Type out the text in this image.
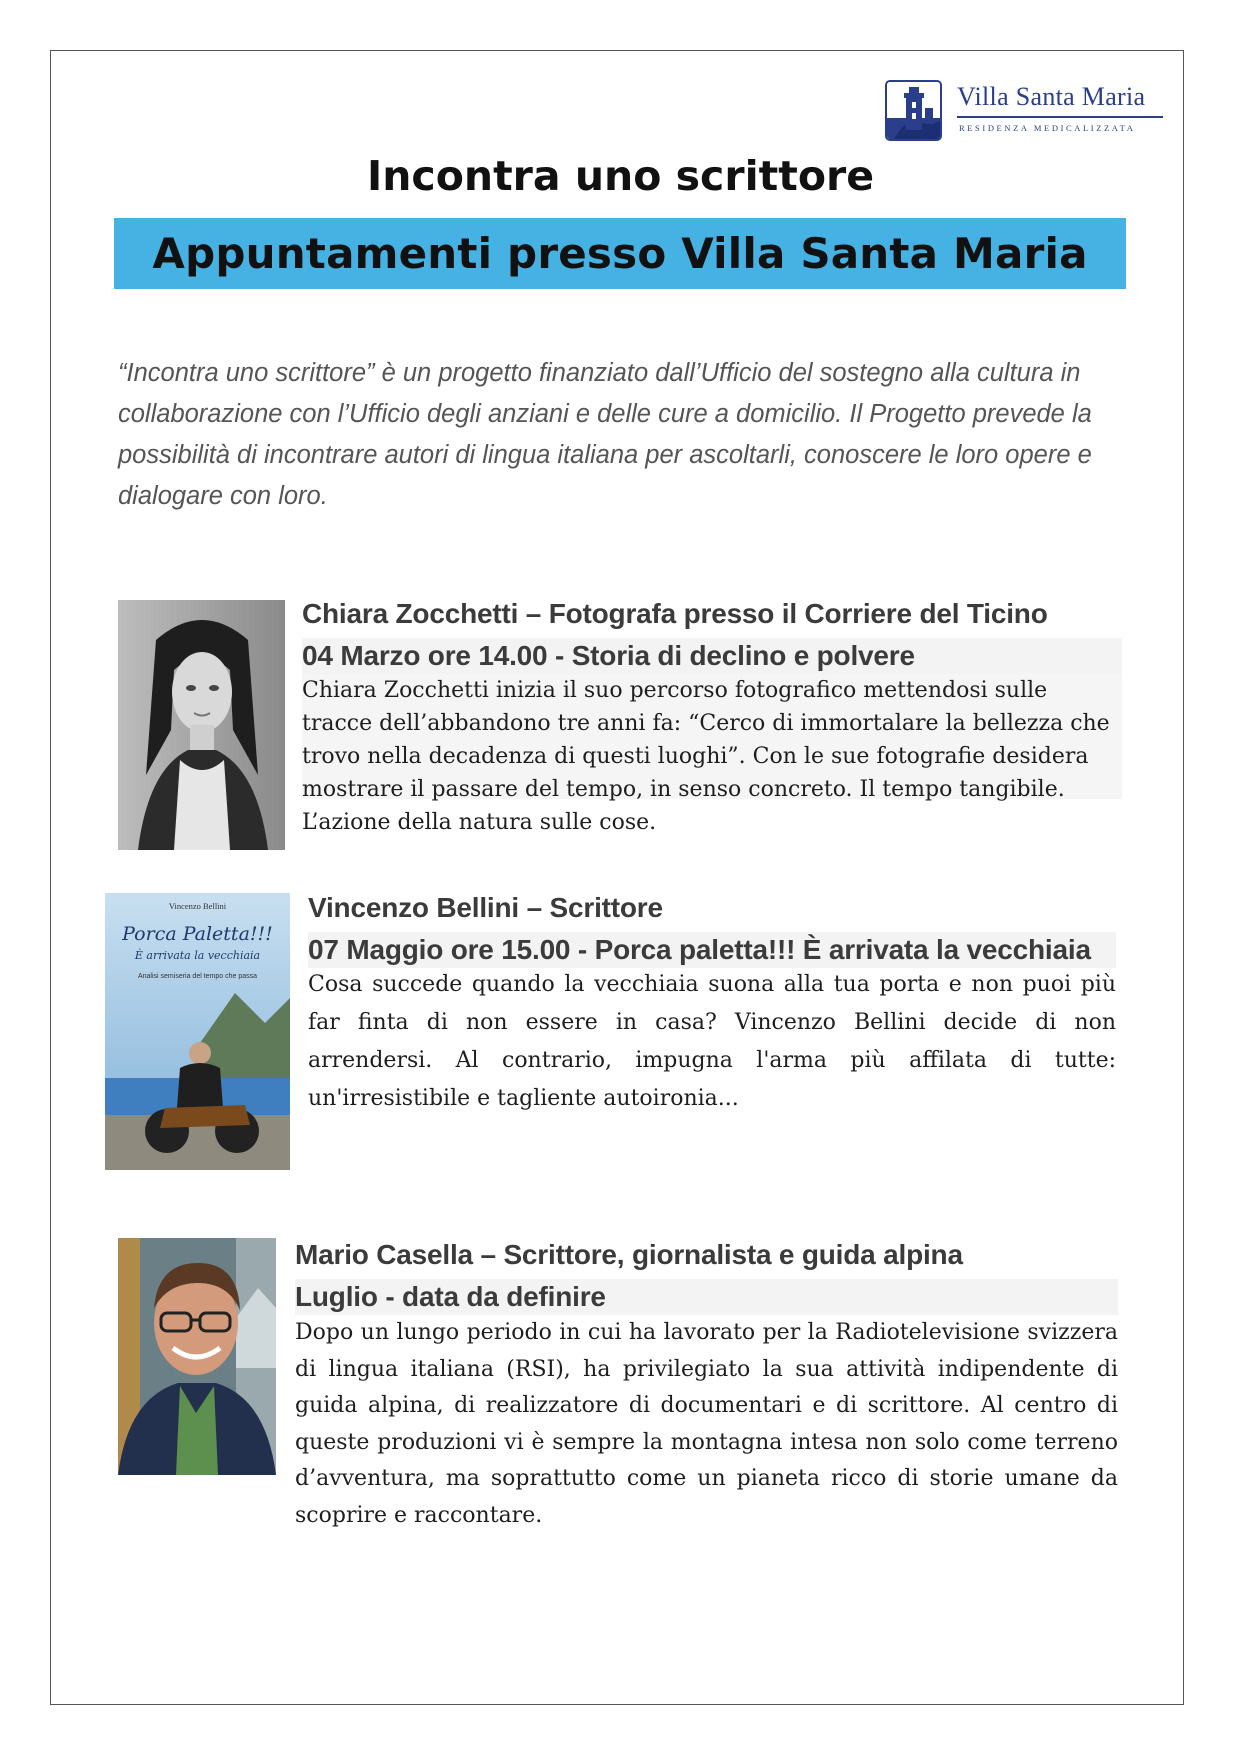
Villa Santa Maria
RESIDENZA MEDICALIZZATA
Incontra uno scrittore
Appuntamenti presso Villa Santa Maria

“Incontra uno scrittore” è un progetto finanziato dall’Ufficio del sostegno alla cultura in collaborazione con l’Ufficio degli anziani e delle cure a domicilio. Il Progetto prevede la possibilità di incontrare autori di lingua italiana per ascoltarli, conoscere le loro opere e dialogare con loro.

Chiara Zocchetti – Fotografa presso il Corriere del Ticino
04 Marzo ore 14.00 - Storia di declino e polvere

Chiara Zocchetti inizia il suo percorso fotografico mettendosi sulle tracce dell’abbandono tre anni fa: “Cerco di immortalare la bellezza che trovo nella decadenza di questi luoghi”. Con le sue fotografie desidera mostrare il passare del tempo, in senso concreto. Il tempo tangibile. L’azione della natura sulle cose.

Vincenzo Bellini
Porca Paletta!!!
È arrivata la vecchiaia
Analisi semiseria del tempo che passa
Vincenzo Bellini – Scrittore
07 Maggio ore 15.00 - Porca paletta!!! È arrivata la vecchiaia

Cosa succede quando la vecchiaia suona alla tua porta e non puoi più far finta di non essere in casa? Vincenzo Bellini decide di non arrendersi. Al contrario, impugna l'arma più affilata di tutte: un'irresistibile e tagliente autoironia...

Mario Casella – Scrittore, giornalista e guida alpina
Luglio - data da definire

Dopo un lungo periodo in cui ha lavorato per la Radiotelevisione svizzera di lingua italiana (RSI), ha privilegiato la sua attività indipendente di guida alpina, di realizzatore di documentari e di scrittore. Al centro di queste produzioni vi è sempre la montagna intesa non solo come terreno d’avventura, ma soprattutto come un pianeta ricco di storie umane da scoprire e raccontare.
